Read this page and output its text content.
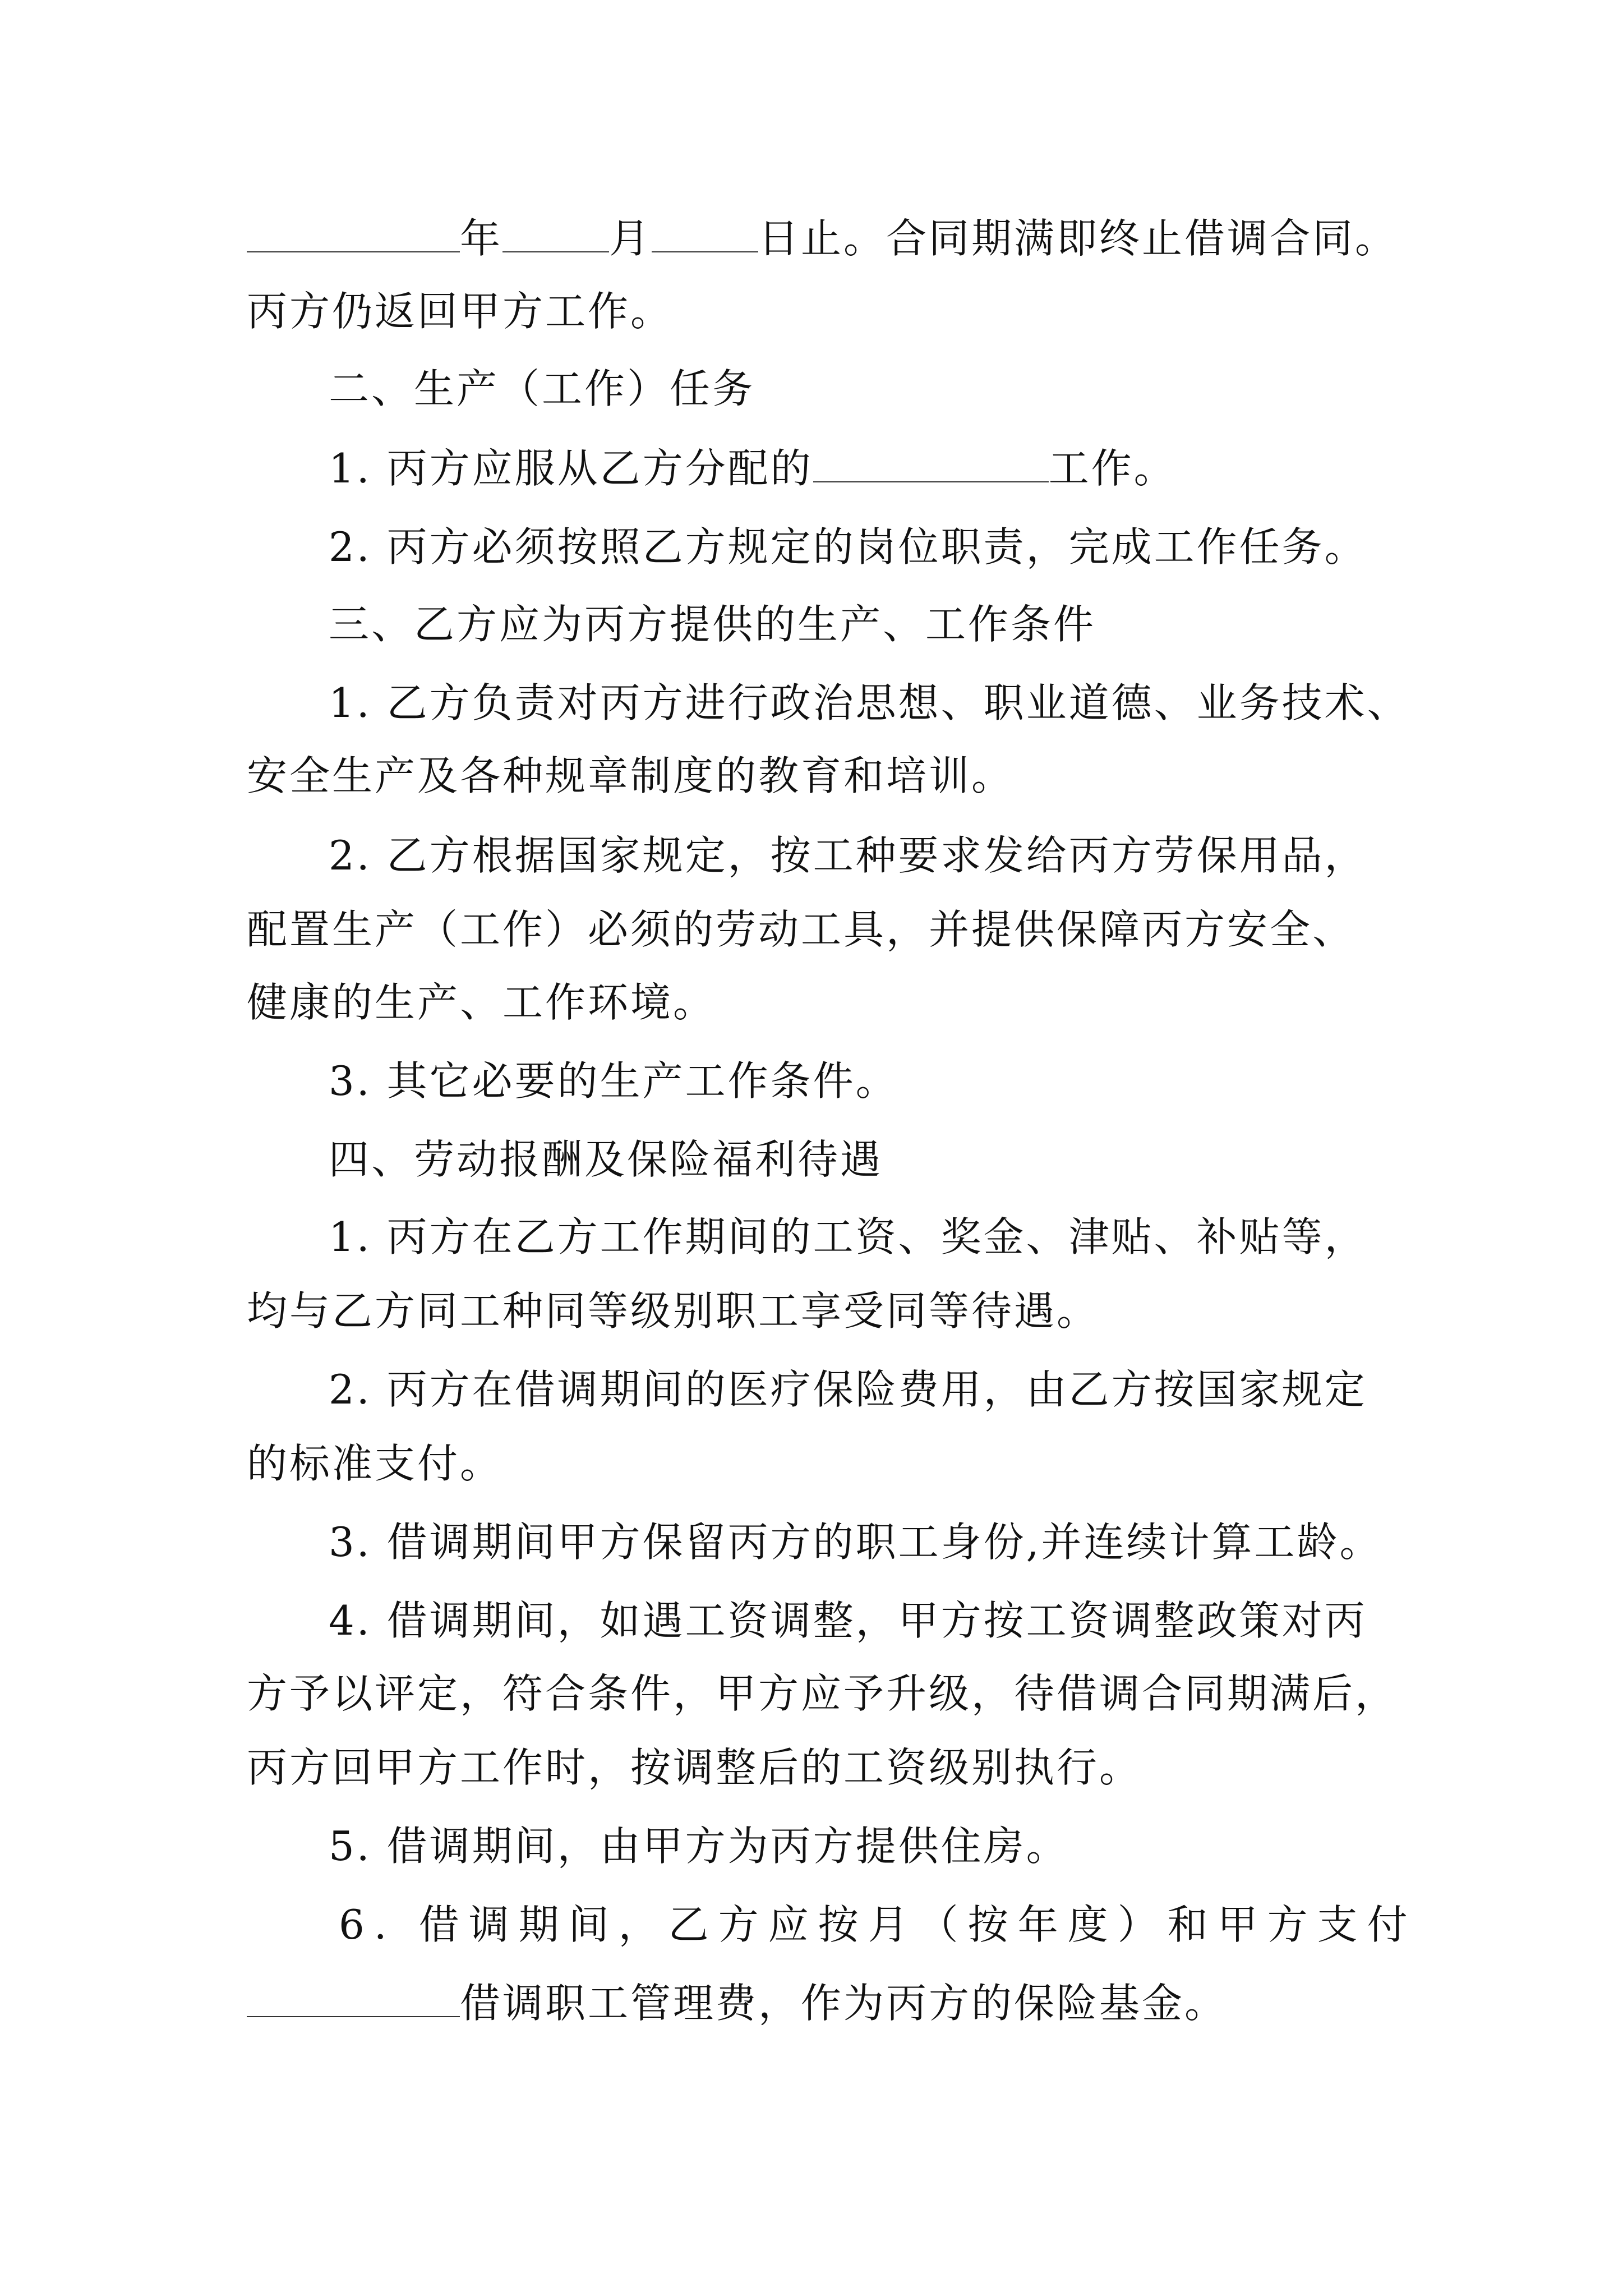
年	月	日止。合同期满即终止借调合同。
丙方仍返回甲方工作。
二、生产（工作）任务
1. 丙方应服从乙方分配的	工作。
2. 丙方必须按照乙方规定的岗位职责，完成工作任务。
三、乙方应为丙方提供的生产、工作条件
1. 乙方负责对丙方进行政治思想、职业道德、业务技术、
安全生产及各种规章制度的教育和培训。
2. 乙方根据国家规定，按工种要求发给丙方劳保用品，
配置生产（工作）必须的劳动工具，并提供保障丙方安全、
健康的生产、工作环境。
3. 其它必要的生产工作条件。
四、劳动报酬及保险福利待遇
1. 丙方在乙方工作期间的工资、奖金、津贴、补贴等，
均与乙方同工种同等级别职工享受同等待遇。
2. 丙方在借调期间的医疗保险费用，由乙方按国家规定
的标准支付。
3. 借调期间甲方保留丙方的职工身份,并连续计算工龄。
4. 借调期间，如遇工资调整，甲方按工资调整政策对丙
方予以评定，符合条件，甲方应予升级，待借调合同期满后，
丙方回甲方工作时，按调整后的工资级别执行。
5. 借调期间，由甲方为丙方提供住房。
6. 借调期间，乙方应按月（按年度）和甲方支付
借调职工管理费，作为丙方的保险基金。
